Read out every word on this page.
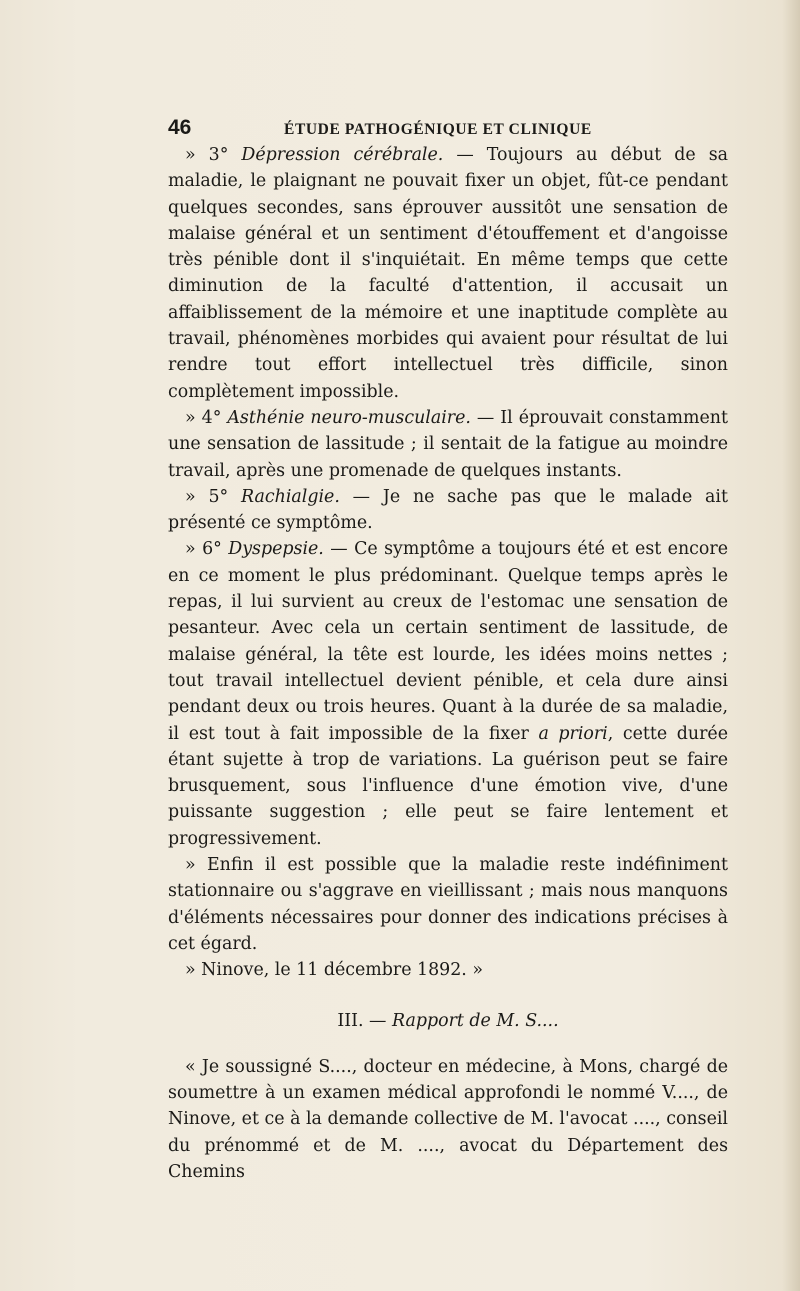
46	ÉTUDE PATHOGÉNIQUE ET CLINIQUE

» 3° Dépression cérébrale. — Toujours au début de sa maladie, le plaignant ne pouvait fixer un objet, fût-ce pendant quelques secondes, sans éprouver aussitôt une sensation de malaise général et un sentiment d'étouffement et d'angoisse très pénible dont il s'inquiétait. En même temps que cette diminution de la faculté d'attention, il accusait un affaiblissement de la mémoire et une inaptitude complète au travail, phénomènes morbides qui avaient pour résultat de lui rendre tout effort intellectuel très difficile, sinon complètement impossible.

» 4° Asthénie neuro-musculaire. — Il éprouvait constamment une sensation de lassitude ; il sentait de la fatigue au moindre travail, après une promenade de quelques instants.

» 5° Rachialgie. — Je ne sache pas que le malade ait présenté ce symptôme.

» 6° Dyspepsie. — Ce symptôme a toujours été et est encore en ce moment le plus prédominant. Quelque temps après le repas, il lui survient au creux de l'estomac une sensation de pesanteur. Avec cela un certain sentiment de lassitude, de malaise général, la tête est lourde, les idées moins nettes ; tout travail intellectuel devient pénible, et cela dure ainsi pendant deux ou trois heures. Quant à la durée de sa maladie, il est tout à fait impossible de la fixer a priori, cette durée étant sujette à trop de variations. La guérison peut se faire brusquement, sous l'influence d'une émotion vive, d'une puissante suggestion ; elle peut se faire lentement et progressivement.

» Enfin il est possible que la maladie reste indéfiniment stationnaire ou s'aggrave en vieillissant ; mais nous manquons d'éléments nécessaires pour donner des indications précises à cet égard.

» Ninove, le 11 décembre 1892. »

III. — Rapport de M. S....

« Je soussigné S...., docteur en médecine, à Mons, chargé de soumettre à un examen médical approfondi le nommé V...., de Ninove, et ce à la demande collective de M. l'avocat ...., conseil du prénommé et de M. ...., avocat du Département des Chemins
